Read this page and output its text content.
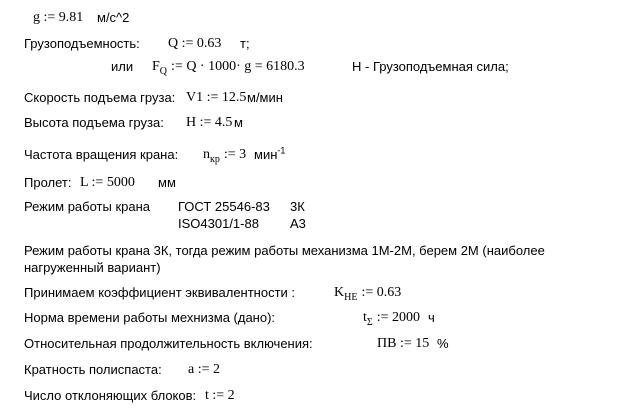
g := 9.81 м/с^2
Грузоподъемность: Q := 0.63 т;
или $F_Q$ := Q · 1000· g = 6180.3	Н - Грузоподъемная сила;
Скорость подъема груза: V1 := 12.5 м/мин
Высота подъема груза: H := 4.5 м
Частота вращения крана: $n_{кр}$ := 3 мин$^{-1}$
Пролет: L := 5000 мм
Режим работы крана ГОСТ 25546-83 3К
ISO4301/1-88 А3
Режим работы крана 3К, тогда режим работы механизма 1М-2М, берем 2М (наиболее нагруженный вариант)
Принимаем коэффициент эквивалентности :	$K_{НЕ}$ := 0.63
Норма времени работы мехнизма (дано):	$t_\Sigma$ := 2000 ч
Относительная продолжительность включения:	ПВ := 15 %
Кратность полиспаста: a := 2
Число отклоняющих блоков: t := 2
